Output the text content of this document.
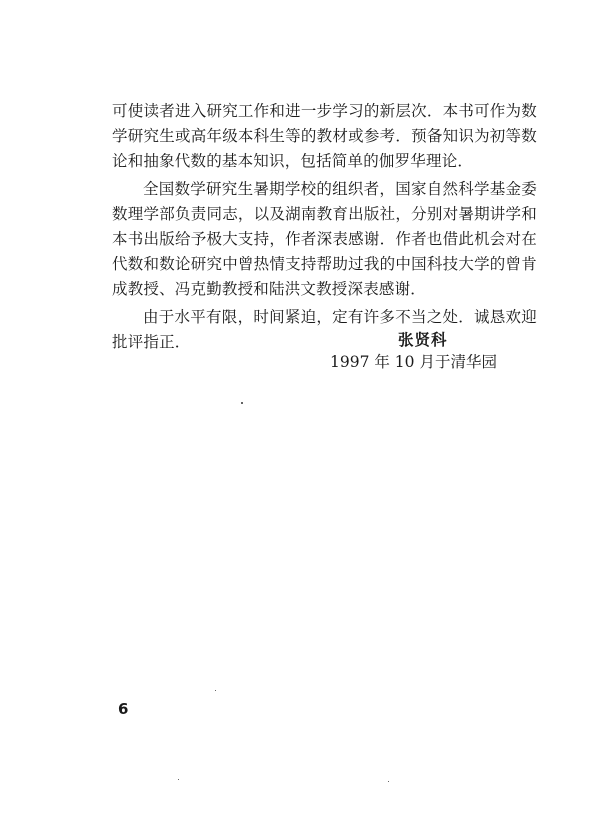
可使读者进入研究工作和进一步学习的新层次．本书可作为数学研究生或高年级本科生等的教材或参考．预备知识为初等数论和抽象代数的基本知识，包括简单的伽罗华理论．

全国数学研究生暑期学校的组织者，国家自然科学基金委数理学部负责同志，以及湖南教育出版社，分别对暑期讲学和本书出版给予极大支持，作者深表感谢．作者也借此机会对在代数和数论研究中曾热情支持帮助过我的中国科技大学的曾肯成教授、冯克勤教授和陆洪文教授深表感谢．

由于水平有限，时间紧迫，定有许多不当之处．诚恳欢迎批评指正．	张贤科
1997 年 10 月于清华园
6
